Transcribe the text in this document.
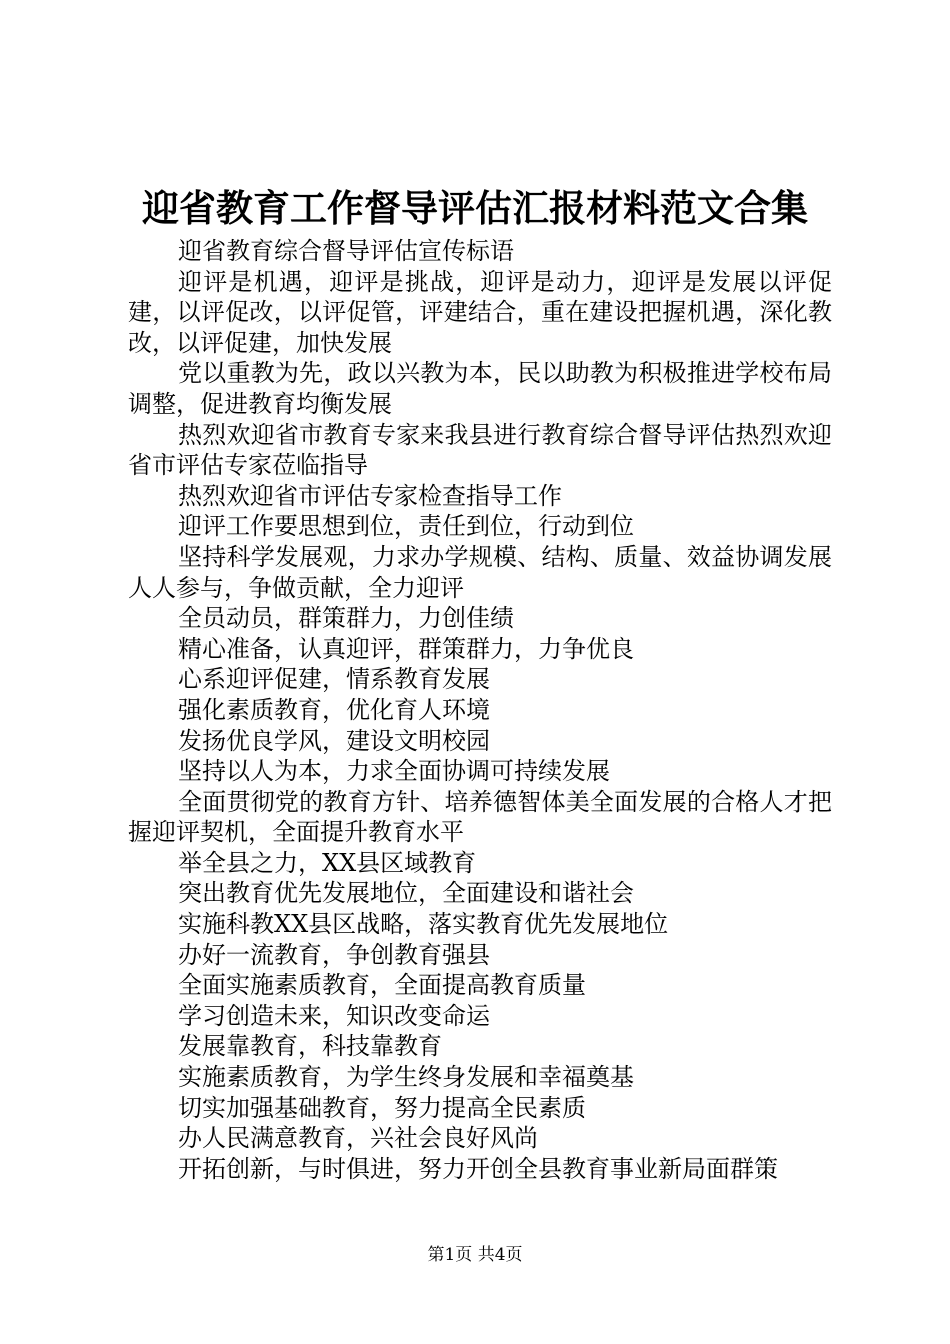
迎省教育工作督导评估汇报材料范文合集

迎省教育综合督导评估宣传标语

迎评是机遇，迎评是挑战，迎评是动力，迎评是发展以评促建，以评促改，以评促管，评建结合，重在建设把握机遇，深化教改，以评促建，加快发展

党以重教为先，政以兴教为本，民以助教为积极推进学校布局调整，促进教育均衡发展

热烈欢迎省市教育专家来我县进行教育综合督导评估热烈欢迎省市评估专家莅临指导

热烈欢迎省市评估专家检查指导工作

迎评工作要思想到位，责任到位，行动到位

坚持科学发展观，力求办学规模、结构、质量、效益协调发展人人参与，争做贡献，全力迎评

全员动员，群策群力，力创佳绩

精心准备，认真迎评，群策群力，力争优良

心系迎评促建，情系教育发展

强化素质教育，优化育人环境

发扬优良学风，建设文明校园

坚持以人为本，力求全面协调可持续发展

全面贯彻党的教育方针、培养德智体美全面发展的合格人才把握迎评契机，全面提升教育水平

举全县之力，XX县区域教育

突出教育优先发展地位，全面建设和谐社会

实施科教XX县区战略，落实教育优先发展地位

办好一流教育，争创教育强县

全面实施素质教育，全面提高教育质量

学习创造未来，知识改变命运

发展靠教育，科技靠教育

实施素质教育，为学生终身发展和幸福奠基

切实加强基础教育，努力提高全民素质

办人民满意教育，兴社会良好风尚

开拓创新，与时俱进，努力开创全县教育事业新局面群策

第1页 共4页
